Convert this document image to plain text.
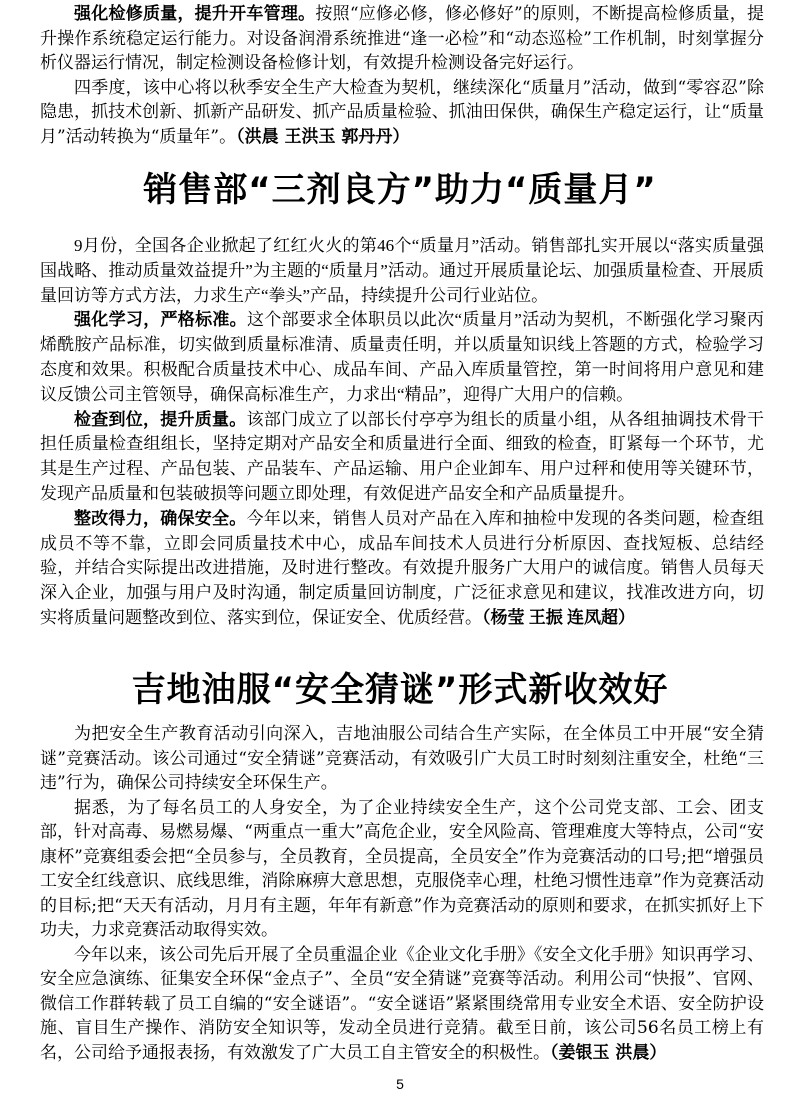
强化检修质量，提升开车管理。按照“应修必修，修必修好”的原则，不断提高检修质量，提升操作系统稳定运行能力。对设备润滑系统推进“逢一必检”和“动态巡检”工作机制，时刻掌握分析仪器运行情况，制定检测设备检修计划，有效提升检测设备完好运行。

四季度，该中心将以秋季安全生产大检查为契机，继续深化“质量月”活动，做到“零容忍”除隐患，抓技术创新、抓新产品研发、抓产品质量检验、抓油田保供，确保生产稳定运行，让“质量月”活动转换为“质量年”。（洪晨 王洪玉 郭丹丹）

销售部“三剂良方”助力“质量月”

9月份，全国各企业掀起了红红火火的第46个“质量月”活动。销售部扎实开展以“落实质量强国战略、推动质量效益提升”为主题的“质量月”活动。通过开展质量论坛、加强质量检查、开展质量回访等方式方法，力求生产“拳头”产品，持续提升公司行业站位。

强化学习，严格标准。这个部要求全体职员以此次“质量月”活动为契机，不断强化学习聚丙烯酰胺产品标准，切实做到质量标准清、质量责任明，并以质量知识线上答题的方式，检验学习态度和效果。积极配合质量技术中心、成品车间、产品入库质量管控，第一时间将用户意见和建议反馈公司主管领导，确保高标准生产，力求出“精品”，迎得广大用户的信赖。

检查到位，提升质量。该部门成立了以部长付亭亭为组长的质量小组，从各组抽调技术骨干担任质量检查组组长，坚持定期对产品安全和质量进行全面、细致的检查，盯紧每一个环节，尤其是生产过程、产品包装、产品装车、产品运输、用户企业卸车、用户过秤和使用等关键环节，发现产品质量和包装破损等问题立即处理，有效促进产品安全和产品质量提升。

整改得力，确保安全。今年以来，销售人员对产品在入库和抽检中发现的各类问题，检查组成员不等不靠，立即会同质量技术中心，成品车间技术人员进行分析原因、查找短板、总结经验，并结合实际提出改进措施，及时进行整改。有效提升服务广大用户的诚信度。销售人员每天深入企业，加强与用户及时沟通，制定质量回访制度，广泛征求意见和建议，找准改进方向，切实将质量问题整改到位、落实到位，保证安全、优质经营。（杨莹 王振 连凤超）

吉地油服“安全猜谜”形式新收效好

为把安全生产教育活动引向深入，吉地油服公司结合生产实际，在全体员工中开展“安全猜谜”竞赛活动。该公司通过“安全猜谜”竞赛活动，有效吸引广大员工时时刻刻注重安全，杜绝“三违”行为，确保公司持续安全环保生产。

据悉，为了每名员工的人身安全，为了企业持续安全生产，这个公司党支部、工会、团支部，针对高毒、易燃易爆、“两重点一重大”高危企业，安全风险高、管理难度大等特点，公司“安康杯”竞赛组委会把“全员参与，全员教育，全员提高，全员安全”作为竞赛活动的口号;把“增强员工安全红线意识、底线思维，消除麻痹大意思想，克服侥幸心理，杜绝习惯性违章”作为竞赛活动的目标;把“天天有活动，月月有主题，年年有新意”作为竞赛活动的原则和要求，在抓实抓好上下功夫，力求竞赛活动取得实效。

今年以来，该公司先后开展了全员重温企业《企业文化手册》《安全文化手册》知识再学习、安全应急演练、征集安全环保“金点子”、全员“安全猜谜”竞赛等活动。利用公司“快报”、官网、微信工作群转载了员工自编的“安全谜语”。“安全谜语”紧紧围绕常用专业安全术语、安全防护设施、盲目生产操作、消防安全知识等，发动全员进行竞猜。截至日前，该公司56名员工榜上有名，公司给予通报表扬，有效激发了广大员工自主管安全的积极性。（姜银玉 洪晨）

5
